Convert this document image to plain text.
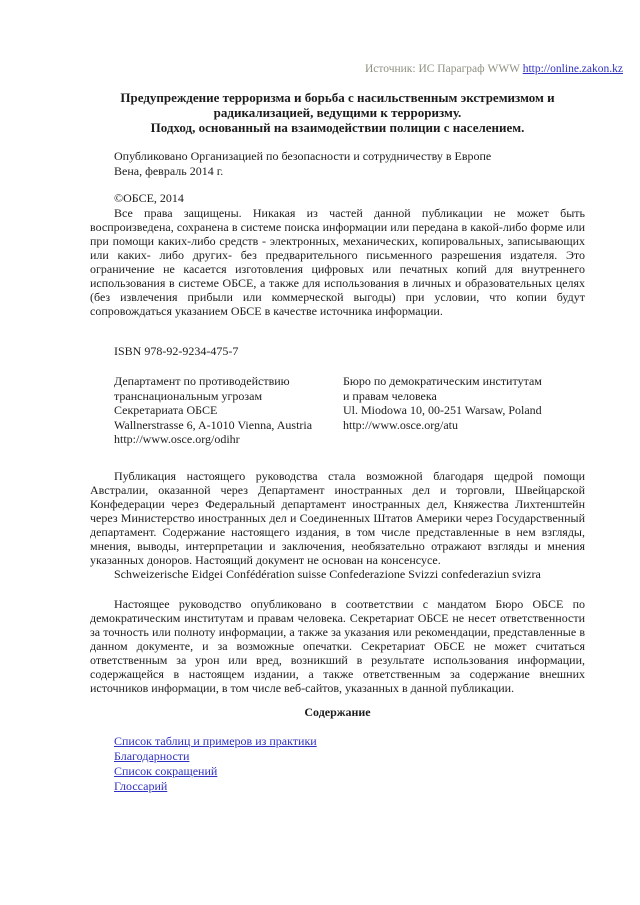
Источник: ИС Параграф WWW http://online.zakon.kz
Предупреждение терроризма и борьба с насильственным экстремизмом и радикализацией, ведущими к терроризму.
Подход, основанный на взаимодействии полиции с населением.
Опубликовано Организацией по безопасности и сотрудничеству в Европе
Вена, февраль 2014 г.
©ОБСЕ, 2014
Все права защищены. Никакая из частей данной публикации не может быть воспроизведена, сохранена в системе поиска информации или передана в какой-либо форме или при помощи каких-либо средств - электронных, механических, копировальных, записывающих или каких- либо других- без предварительного письменного разрешения издателя. Это ограничение не касается изготовления цифровых или печатных копий для внутреннего использования в системе ОБСЕ, а также для использования в личных и образовательных целях (без извлечения прибыли или коммерческой выгоды) при условии, что копии будут сопровождаться указанием ОБСЕ в качестве источника информации.
ISBN 978-92-9234-475-7
Департамент по противодействию
транснациональным угрозам
Секретариата ОБСЕ
Wallnerstrasse 6, A-1010 Vienna, Austria
http://www.osce.org/odihr
Бюро по демократическим институтам
и правам человека
Ul. Miodowa 10, 00-251 Warsaw, Poland
http://www.osce.org/atu
Публикация настоящего руководства стала возможной благодаря щедрой помощи Австралии, оказанной через Департамент иностранных дел и торговли, Швейцарской Конфедерации через Федеральный департамент иностранных дел, Княжества Лихтенштейн через Министерство иностранных дел и Соединенных Штатов Америки через Государственный департамент. Содержание настоящего издания, в том числе представленные в нем взгляды, мнения, выводы, интерпретации и заключения, необязательно отражают взгляды и мнения указанных доноров. Настоящий документ не основан на консенсусе.
Schweizerische Eidgei Confédération suisse Confederazione Svizzi confederaziun svizra
Настоящее руководство опубликовано в соответствии с мандатом Бюро ОБСЕ по демократическим институтам и правам человека. Секретариат ОБСЕ не несет ответственности за точность или полноту информации, а также за указания или рекомендации, представленные в данном документе, и за возможные опечатки. Секретариат ОБСЕ не может считаться ответственным за урон или вред, возникший в результате использования информации, содержащейся в настоящем издании, а также ответственным за содержание внешних источников информации, в том числе веб-сайтов, указанных в данной публикации.
Содержание
Список таблиц и примеров из практики
Благодарности
Список сокращений
Глоссарий
